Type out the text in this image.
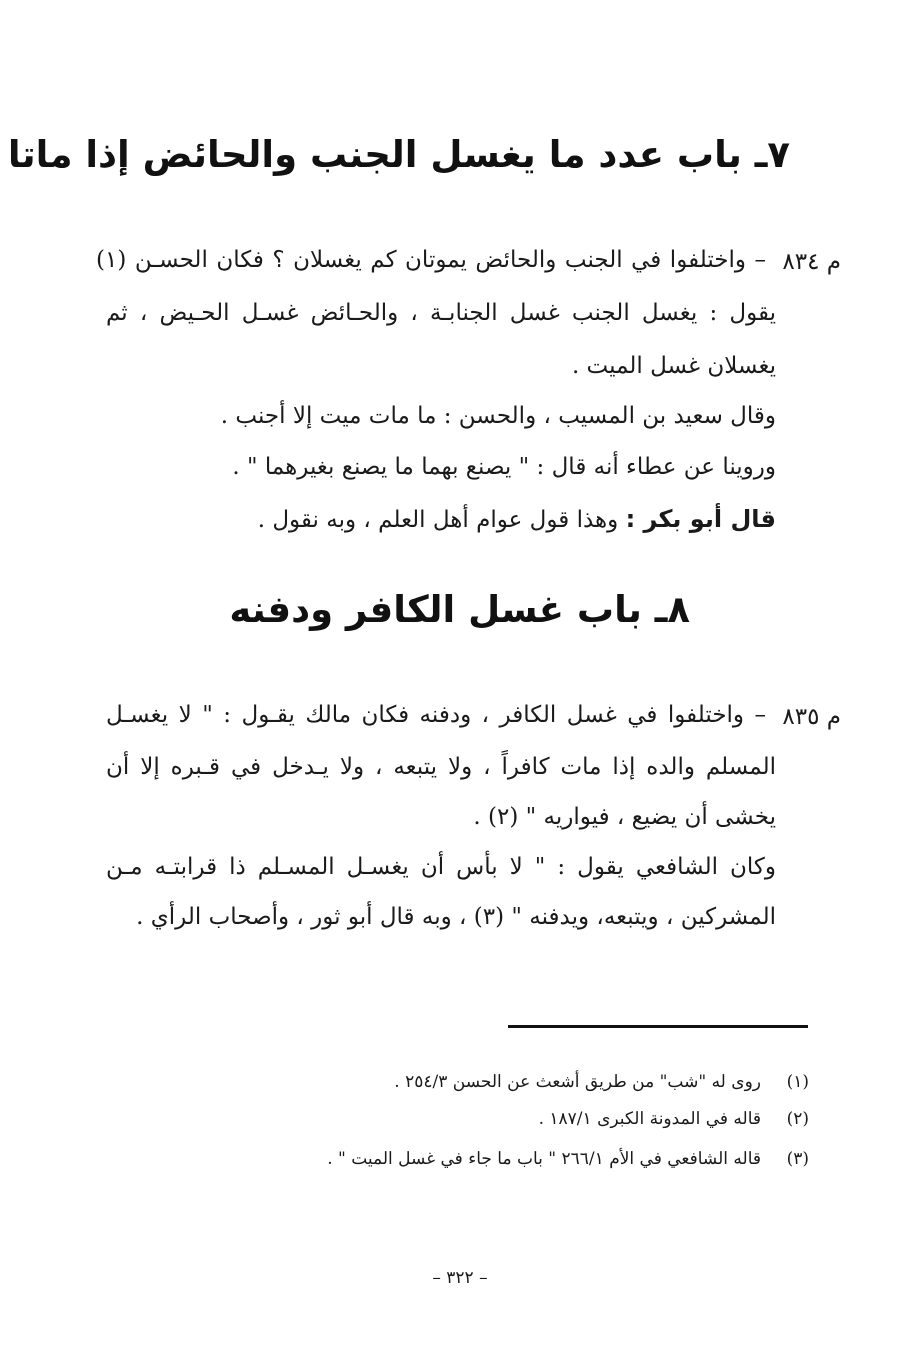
٧ـ باب عدد ما يغسل الجنب والحائض إذا ماتا
م ٨٣٤
– واختلفوا في الجنب والحائض يموتان كم يغسلان ؟ فكان الحسـن (١)
يقول : يغسل الجنب غسل الجنابـة ، والحـائض غسـل الحـيض ، ثم
يغسلان غسل الميت .
وقال سعيد بن المسيب ، والحسن : ما مات ميت إلا أجنب .
وروينا عن عطاء أنه قال : " يصنع بهما ما يصنع بغيرهما " .
قال أبو بكر : وهذا قول عوام أهل العلم ، وبه نقول .
٨ـ باب غسل الكافر ودفنه
م ٨٣٥
– واختلفوا في غسل الكافر ، ودفنه فكان مالك يقـول : " لا يغسـل
المسلم والده إذا مات كافراً ، ولا يتبعه ، ولا يـدخل في قـبره إلا أن
يخشى أن يضيع ، فيواريه " (٢) .
وكان الشافعي يقول : " لا بأس أن يغسـل المسـلم ذا قرابتـه مـن
المشركين ، ويتبعه، ويدفنه " (٣) ، وبه قال أبو ثور ، وأصحاب الرأي .
(١)
روى له "شب" من طريق أشعث عن الحسن ٢٥٤/٣ .
(٢)
قاله في المدونة الكبرى ١٨٧/١ .
(٣)
قاله الشافعي في الأم ٢٦٦/١ " باب ما جاء في غسل الميت " .
– ٣٢٢ –
